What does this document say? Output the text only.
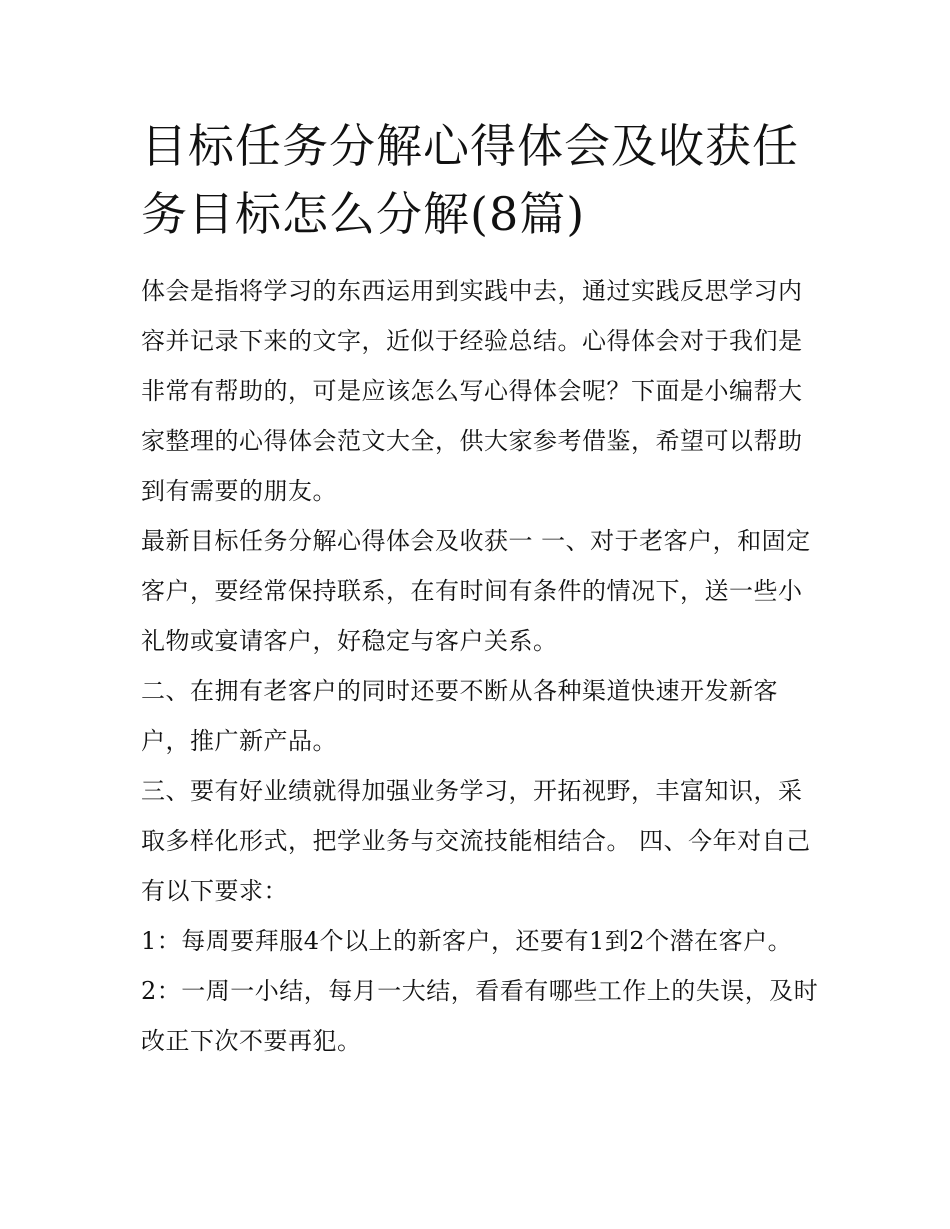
目标任务分解心得体会及收获任务目标怎么分解(8篇)

体会是指将学习的东西运用到实践中去，通过实践反思学习内容并记录下来的文字，近似于经验总结。心得体会对于我们是非常有帮助的，可是应该怎么写心得体会呢？下面是小编帮大家整理的心得体会范文大全，供大家参考借鉴，希望可以帮助到有需要的朋友。

最新目标任务分解心得体会及收获一 一、对于老客户，和固定客户，要经常保持联系，在有时间有条件的情况下，送一些小礼物或宴请客户，好稳定与客户关系。

二、在拥有老客户的同时还要不断从各种渠道快速开发新客户，推广新产品。

三、要有好业绩就得加强业务学习，开拓视野，丰富知识，采取多样化形式，把学业务与交流技能相结合。 四、今年对自己有以下要求：

1：每周要拜服4个以上的新客户，还要有1到2个潜在客户。

2：一周一小结，每月一大结，看看有哪些工作上的失误，及时改正下次不要再犯。
